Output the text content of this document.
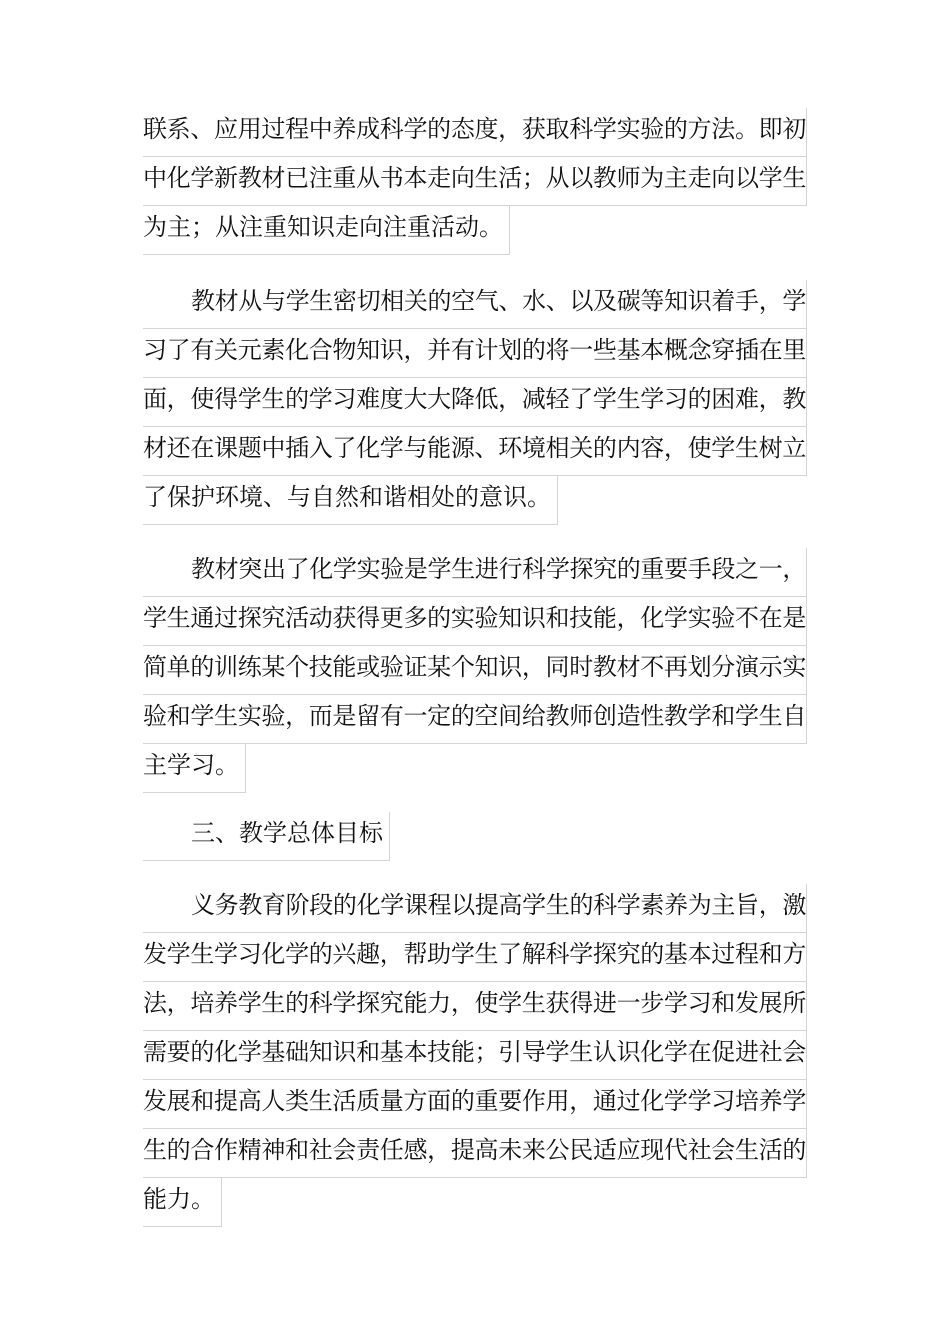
联系、应用过程中养成科学的态度，获取科学实验的方法。即初
中化学新教材已注重从书本走向生活；从以教师为主走向以学生
为主；从注重知识走向注重活动。
教材从与学生密切相关的空气、水、以及碳等知识着手，学
习了有关元素化合物知识，并有计划的将一些基本概念穿插在里
面，使得学生的学习难度大大降低，减轻了学生学习的困难，教
材还在课题中插入了化学与能源、环境相关的内容，使学生树立
了保护环境、与自然和谐相处的意识。
教材突出了化学实验是学生进行科学探究的重要手段之一，
学生通过探究活动获得更多的实验知识和技能，化学实验不在是
简单的训练某个技能或验证某个知识，同时教材不再划分演示实
验和学生实验，而是留有一定的空间给教师创造性教学和学生自
主学习。
三、教学总体目标
义务教育阶段的化学课程以提高学生的科学素养为主旨，激
发学生学习化学的兴趣，帮助学生了解科学探究的基本过程和方
法，培养学生的科学探究能力，使学生获得进一步学习和发展所
需要的化学基础知识和基本技能；引导学生认识化学在促进社会
发展和提高人类生活质量方面的重要作用，通过化学学习培养学
生的合作精神和社会责任感，提高未来公民适应现代社会生活的
能力。
